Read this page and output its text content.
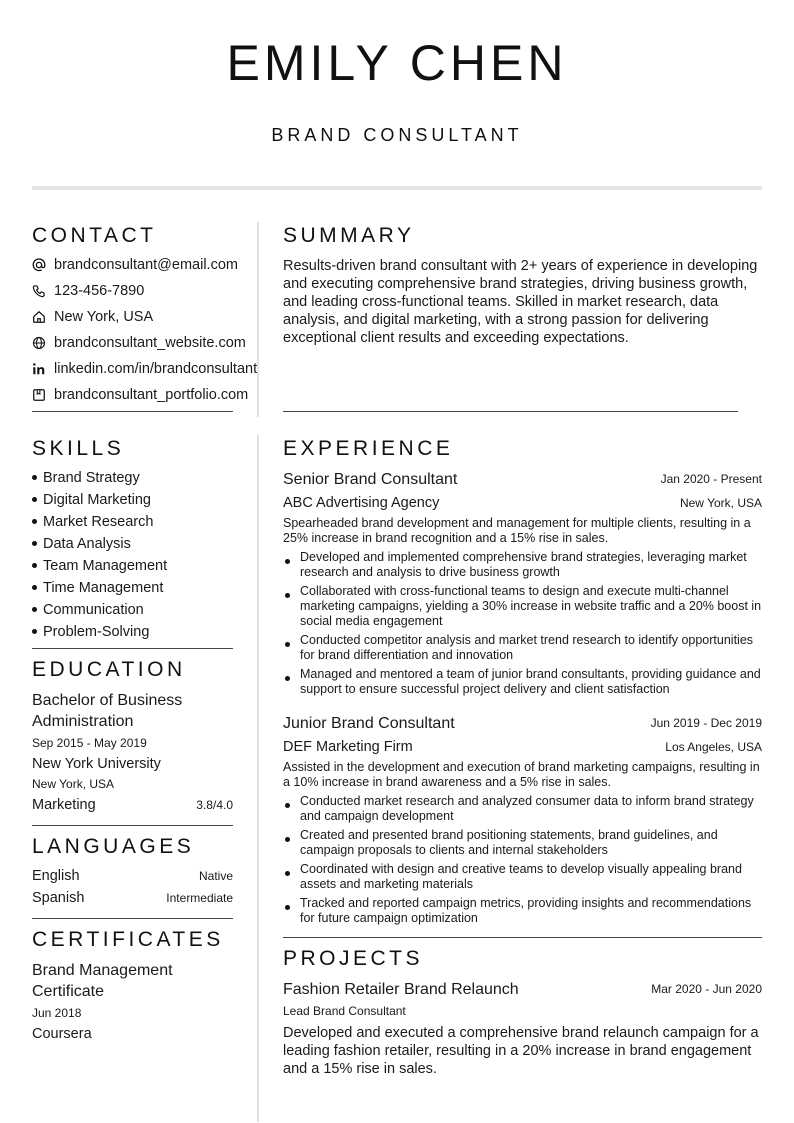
EMILY CHEN
BRAND CONSULTANT
CONTACT
brandconsultant@email.com
123-456-7890
New York, USA
brandconsultant_website.com
linkedin.com/in/brandconsultant
brandconsultant_portfolio.com
SUMMARY
Results-driven brand consultant with 2+ years of experience in developing and executing comprehensive brand strategies, driving business growth, and leading cross-functional teams. Skilled in market research, data analysis, and digital marketing, with a strong passion for delivering exceptional client results and exceeding expectations.
SKILLS
Brand Strategy
Digital Marketing
Market Research
Data Analysis
Team Management
Time Management
Communication
Problem-Solving
EDUCATION
Bachelor of Business
Administration
Sep 2015 - May 2019
New York University
New York, USA
Marketing	3.8/4.0
LANGUAGES
English	Native
Spanish	Intermediate
CERTIFICATES
Brand Management
Certificate
Jun 2018
Coursera
EXPERIENCE
Senior Brand Consultant	Jan 2020 - Present
ABC Advertising Agency	New York, USA
Spearheaded brand development and management for multiple clients, resulting in a 25% increase in brand recognition and a 15% rise in sales.
Developed and implemented comprehensive brand strategies, leveraging market research and analysis to drive business growth
Collaborated with cross-functional teams to design and execute multi-channel marketing campaigns, yielding a 30% increase in website traffic and a 20% boost in social media engagement
Conducted competitor analysis and market trend research to identify opportunities for brand differentiation and innovation
Managed and mentored a team of junior brand consultants, providing guidance and support to ensure successful project delivery and client satisfaction
Junior Brand Consultant	Jun 2019 - Dec 2019
DEF Marketing Firm	Los Angeles, USA
Assisted in the development and execution of brand marketing campaigns, resulting in a 10% increase in brand awareness and a 5% rise in sales.
Conducted market research and analyzed consumer data to inform brand strategy and campaign development
Created and presented brand positioning statements, brand guidelines, and campaign proposals to clients and internal stakeholders
Coordinated with design and creative teams to develop visually appealing brand assets and marketing materials
Tracked and reported campaign metrics, providing insights and recommendations for future campaign optimization
PROJECTS
Fashion Retailer Brand Relaunch	Mar 2020 - Jun 2020
Lead Brand Consultant
Developed and executed a comprehensive brand relaunch campaign for a leading fashion retailer, resulting in a 20% increase in brand engagement and a 15% rise in sales.
